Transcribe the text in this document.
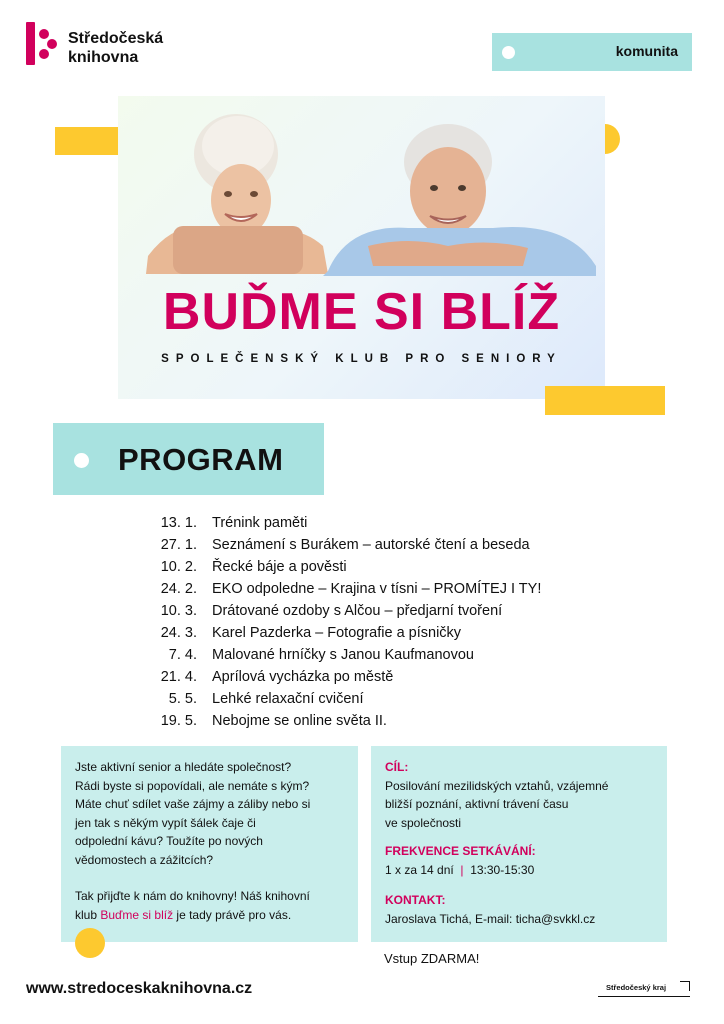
Středočeská
knihovna	komunita
BUĎME SI BLÍŽ
SPOLEČENSKÝ KLUB PRO SENIORY
PROGRAM
13. 1. Trénink paměti
27. 1. Seznámení s Burákem – autorské čtení a beseda
10. 2. Řecké báje a pověsti
24. 2. EKO odpoledne – Krajina v tísni – PROMÍTEJ I TY!
10. 3. Drátované ozdoby s Alčou – předjarní tvoření
24. 3. Karel Pazderka – Fotografie a písničky
7. 4. Malované hrníčky s Janou Kaufmanovou
21. 4. Aprílová vycházka po městě
5. 5. Lehké relaxační cvičení
19. 5. Nebojme se online světa II.

Jste aktivní senior a hledáte společnost?

Rádi byste si popovídali, ale nemáte s kým?

Máte chuť sdílet vaše zájmy a záliby nebo si

jen tak s někým vypít šálek čaje či

odpolední kávu? Toužíte po nových

vědomostech a zážitcích?

Tak přijďte k nám do knihovny! Náš knihovní

klub Buďme si blíž je tady právě pro vás.

CÍL:

Posilování mezilidských vztahů, vzájemné

bližší poznání, aktivní trávení času

ve společnosti

FREKVENCE SETKÁVÁNÍ:

1 x za 14 dní | 13:30-15:30

KONTAKT:

Jaroslava Tichá, E-mail: ticha@svkkl.cz

Vstup ZDARMA!
www.stredoceskaknihovna.cz	Středočeský kraj
